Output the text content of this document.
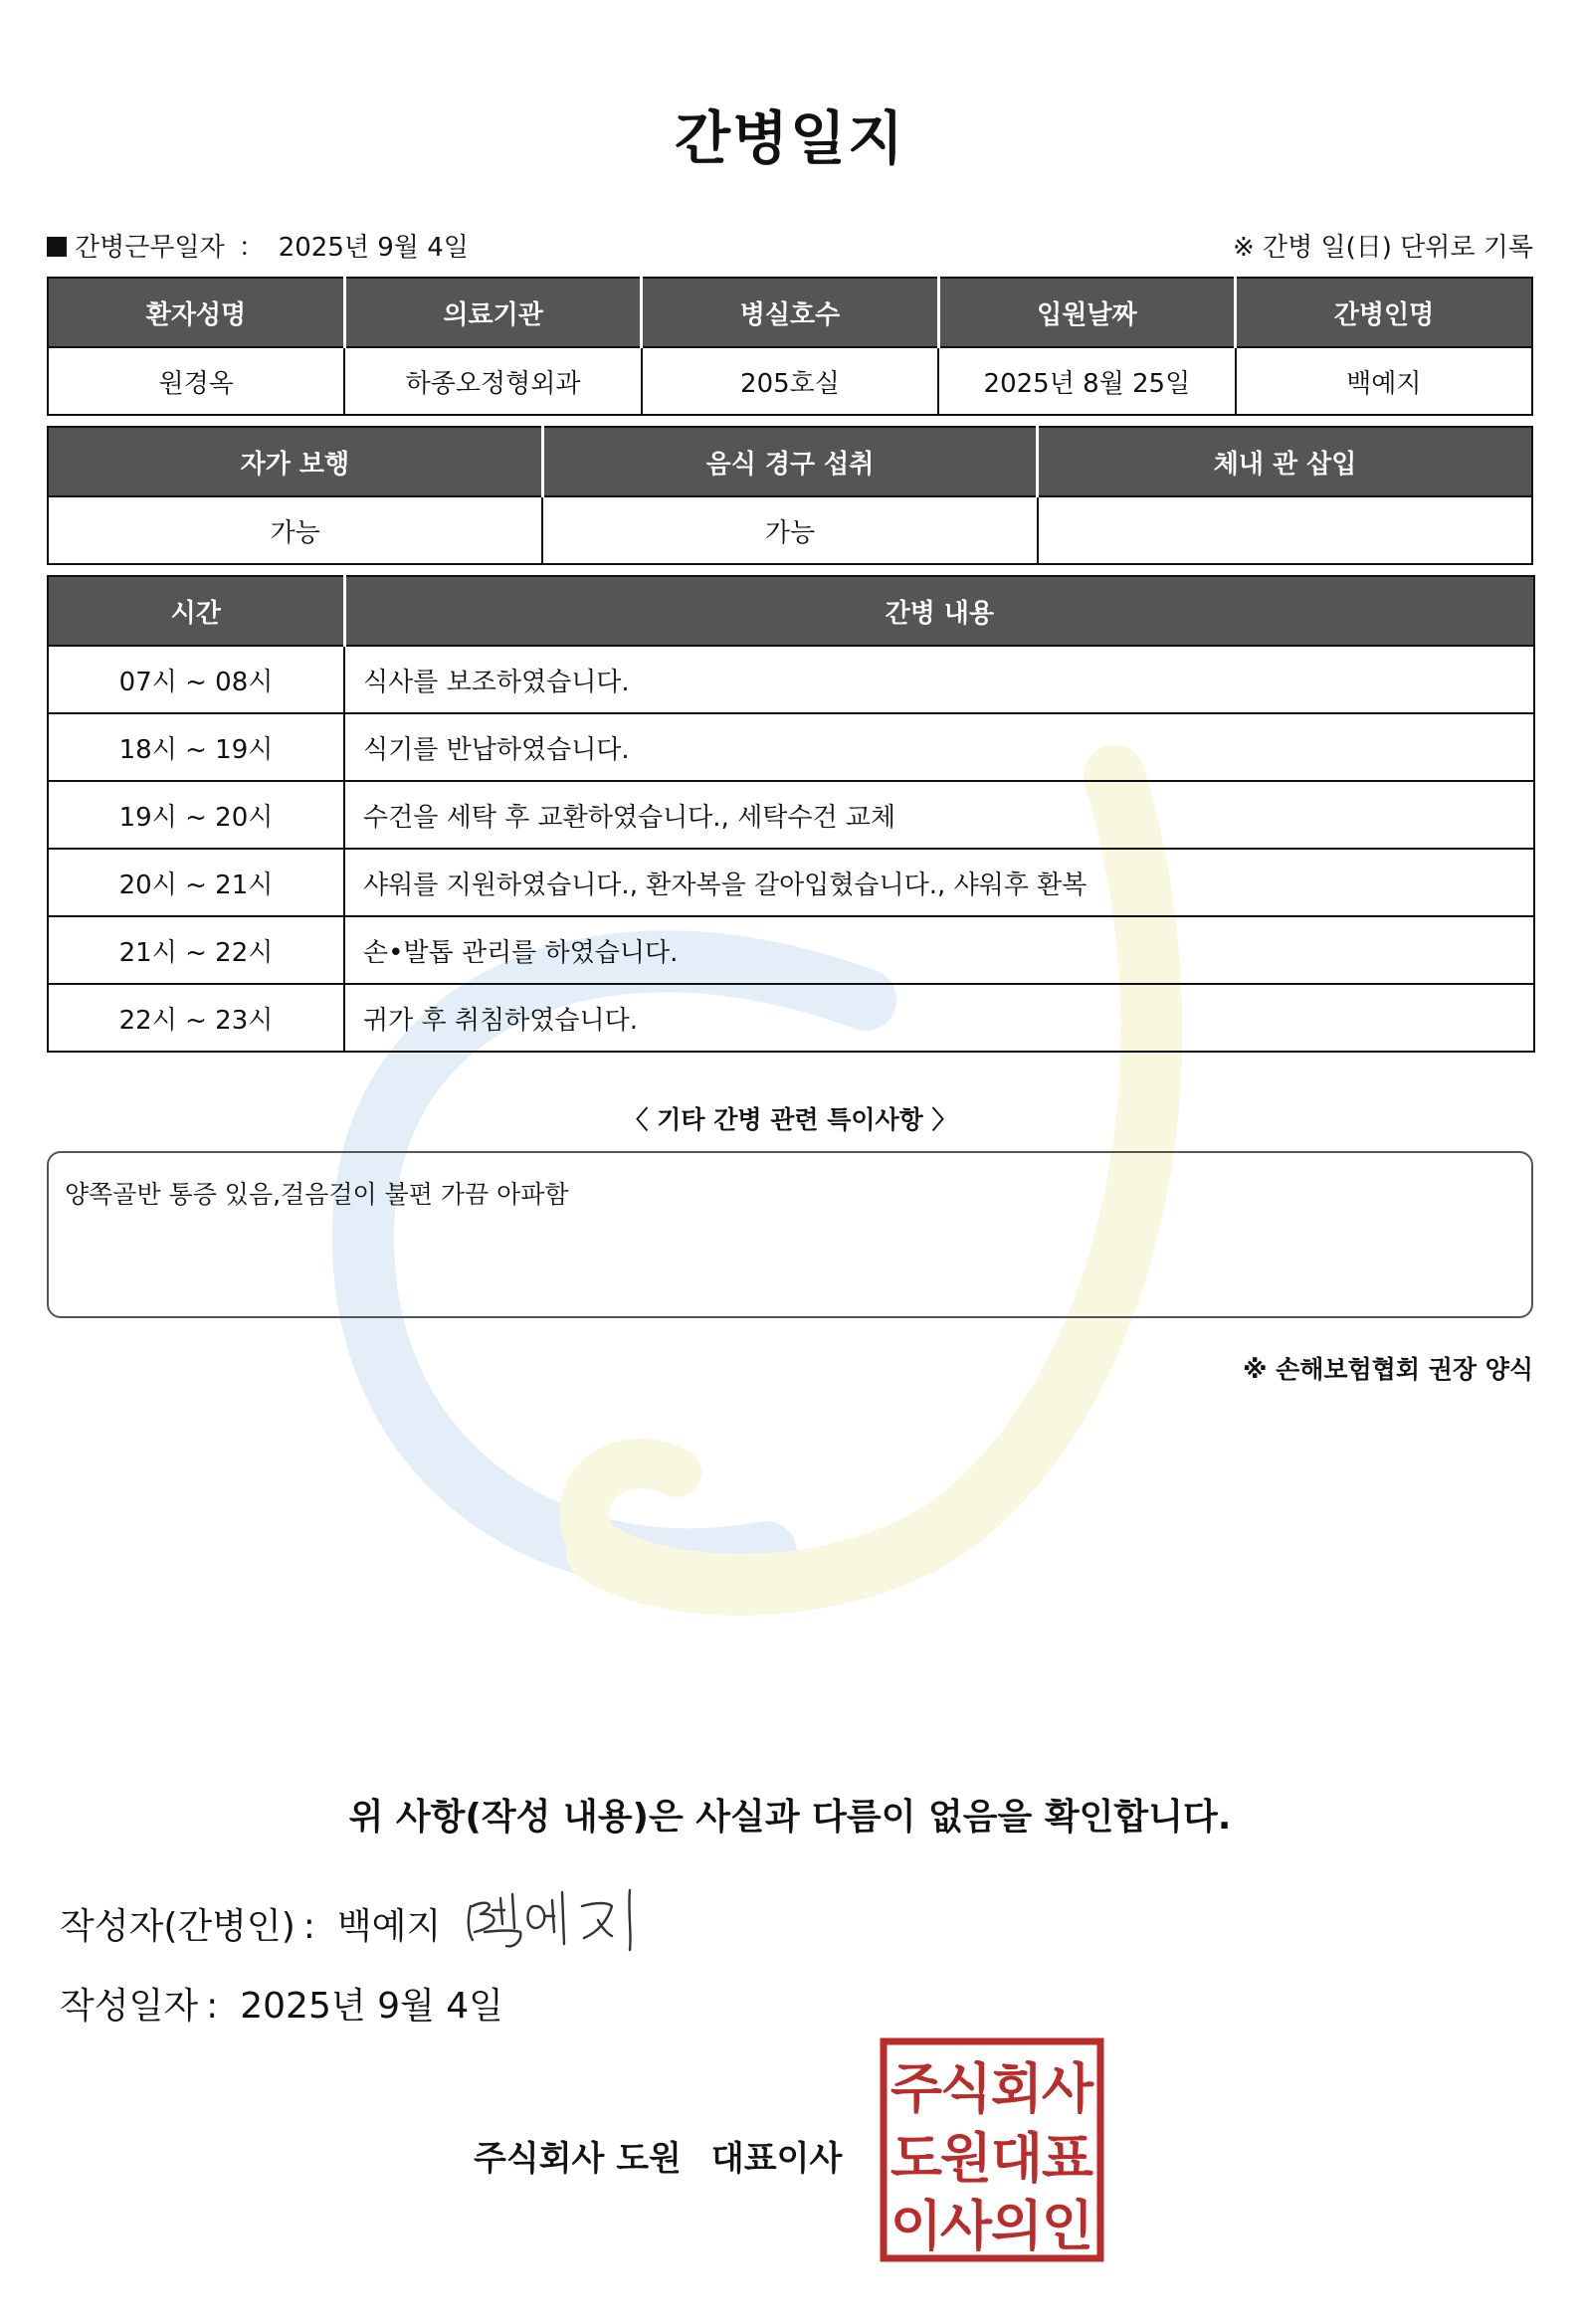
간병일지
간병근무일자 ： 2025년 9월 4일	※ 간병 일(日) 단위로 기록
환자성명	의료기관	병실호수	입원날짜	간병인명
원경옥	하종오정형외과	205호실	2025년 8월 25일	백예지
자가 보행	음식 경구 섭취	체내 관 삽입
가능	가능	
시간	간병 내용
07시 ~ 08시	식사를 보조하였습니다.
18시 ~ 19시	식기를 반납하였습니다.
19시 ~ 20시	수건을 세탁 후 교환하였습니다., 세탁수건 교체
20시 ~ 21시	샤워를 지원하였습니다., 환자복을 갈아입혔습니다., 샤워후 환복
21시 ~ 22시	손•발톱 관리를 하였습니다.
22시 ~ 23시	귀가 후 취침하였습니다.
〈 기타 간병 관련 특이사항 〉
양쪽골반 통증 있음,걸음걸이 불편 가끔 아파함
※ 손해보험협회 권장 양식
위 사항(작성 내용)은 사실과 다름이 없음을 확인합니다.
작성자(간병인) : 백예지
작성일자 : 2025년 9월 4일
주식회사 도원 대표이사
주
식
회
사
도
원
대
표
이
사
의
인
